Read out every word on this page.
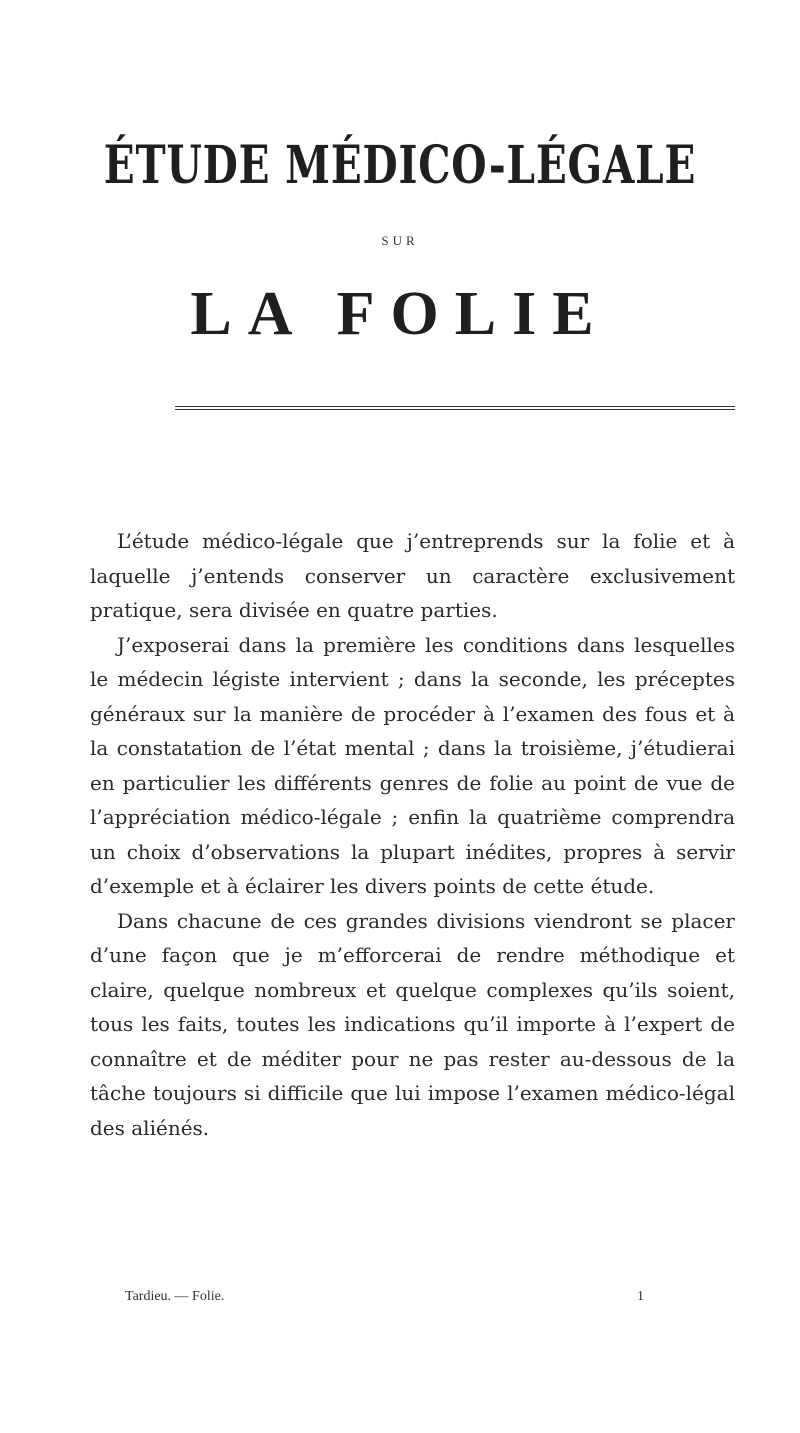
ÉTUDE MÉDICO-LÉGALE
SUR
LA FOLIE

L’étude médico-légale que j’entreprends sur la folie et à laquelle j’entends conserver un caractère exclusivement pratique, sera divisée en quatre parties.

J’exposerai dans la première les conditions dans lesquelles le médecin légiste intervient ; dans la seconde, les préceptes généraux sur la manière de procéder à l’examen des fous et à la constatation de l’état mental ; dans la troisième, j’étudierai en particulier les différents genres de folie au point de vue de l’appréciation médico-légale ; enfin la quatrième comprendra un choix d’observations la plupart inédites, propres à servir d’exemple et à éclairer les divers points de cette étude.

Dans chacune de ces grandes divisions viendront se placer d’une façon que je m’efforcerai de rendre méthodique et claire, quelque nombreux et quelque complexes qu’ils soient, tous les faits, toutes les indications qu’il importe à l’expert de connaître et de méditer pour ne pas rester au-dessous de la tâche toujours si difficile que lui impose l’examen médico-légal des aliénés.

Tardieu. — Folie.	1
